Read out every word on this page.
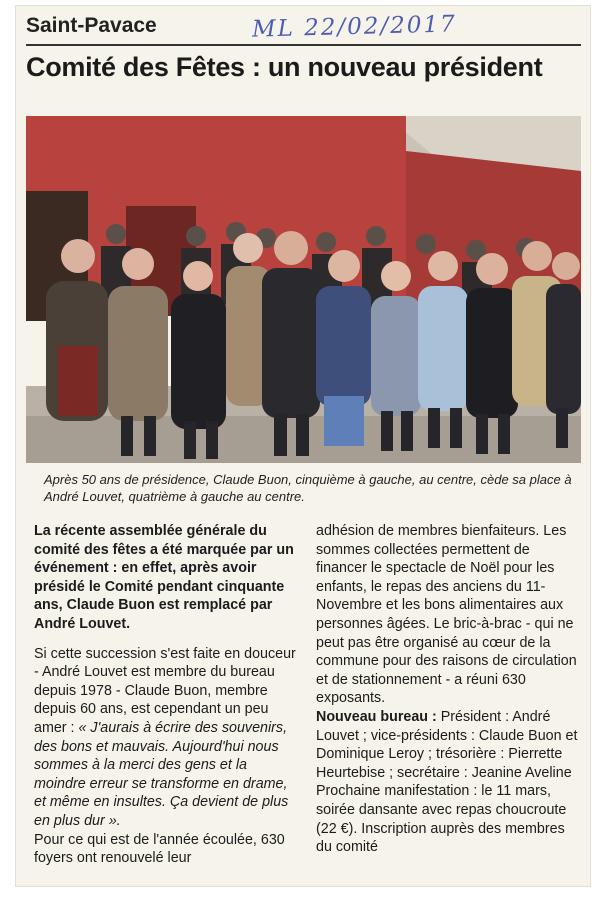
Saint-Pavace	ML 22/02/2017
Comité des Fêtes : un nouveau président
Après 50 ans de présidence, Claude Buon, cinquième à gauche, au centre, cède sa place à André Louvet, quatrième à gauche au centre.

La récente assemblée générale du comité des fêtes a été marquée par un événement : en effet, après avoir présidé le Comité pendant cinquante ans, Claude Buon est remplacé par André Louvet.

Si cette succession s'est faite en douceur - André Louvet est membre du bureau depuis 1978 - Claude Buon, membre depuis 60 ans, est cependant un peu amer : « J'aurais à écrire des souvenirs, des bons et mauvais. Aujourd'hui nous sommes à la merci des gens et la moindre erreur se transforme en drame, et même en insultes. Ça devient de plus en plus dur ».

Pour ce qui est de l'année écoulée, 630 foyers ont renouvelé leur

adhésion de membres bienfaiteurs. Les sommes collectées permettent de financer le spectacle de Noël pour les enfants, le repas des anciens du 11-Novembre et les bons alimentaires aux personnes âgées. Le bric-à-brac - qui ne peut pas être organisé au cœur de la commune pour des raisons de circulation et de stationnement - a réuni 630 exposants.

Nouveau bureau : Président : André Louvet ; vice-présidents : Claude Buon et Dominique Leroy ; trésorière : Pierrette Heurtebise ; secrétaire : Jeanine Aveline

Prochaine manifestation : le 11 mars, soirée dansante avec repas choucroute (22 €). Inscription auprès des membres du comité
